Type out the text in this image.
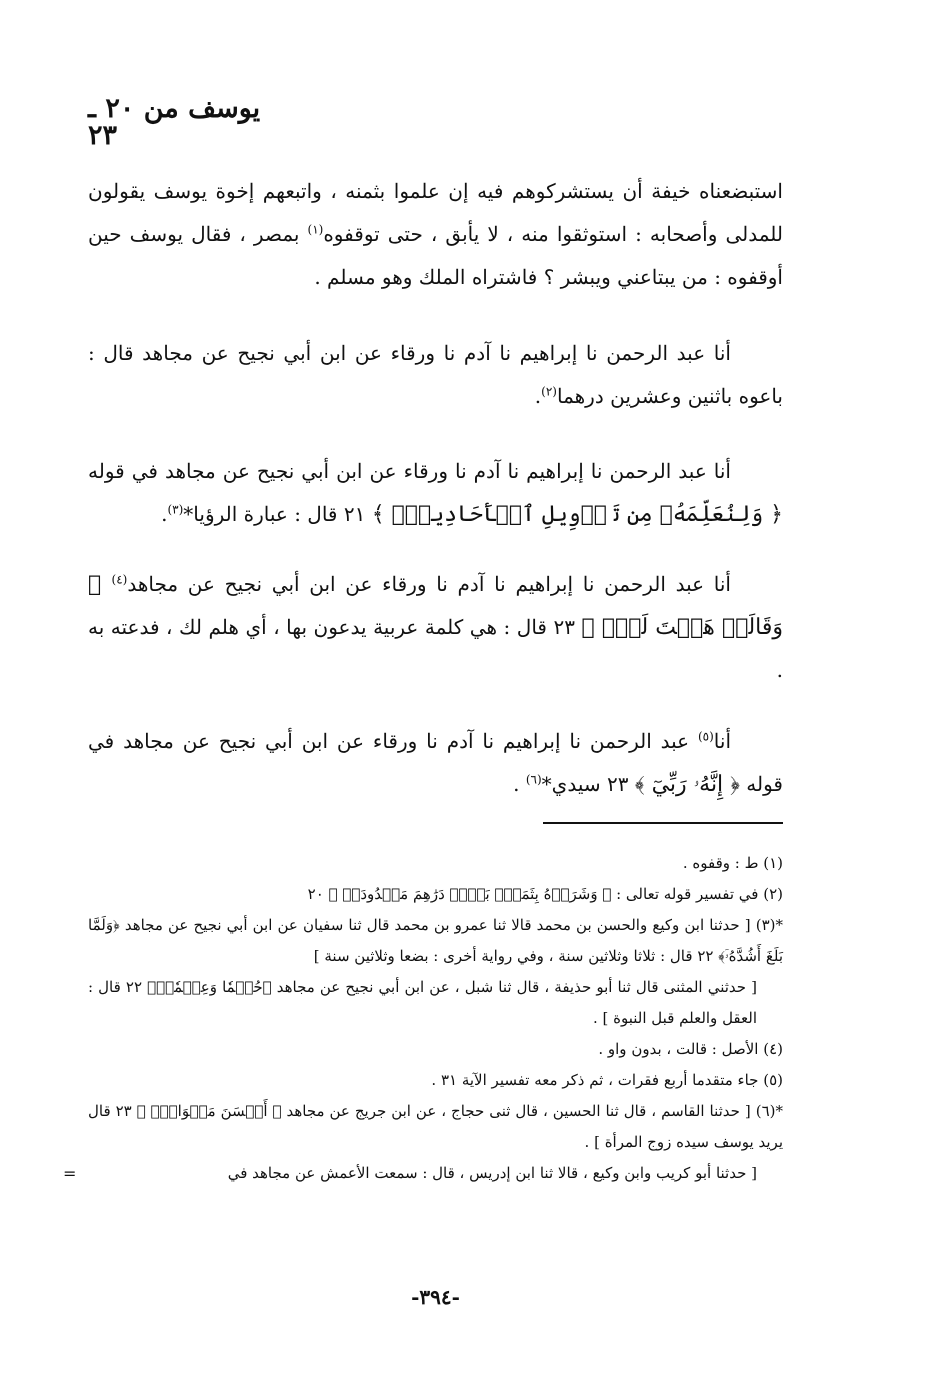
يوسف من ٢٠ ـ ٢٣

استبضعناه خيفة أن يستشركوهم فيه إن علموا بثمنه ، واتبعهم إخوة يوسف يقولون للمدلى وأصحابه : استوثقوا منه ، لا يأبق ، حتى توقفوه$^{(١)}$ بمصر ، فقال يوسف حين أوقفوه : من يبتاعني ويبشر ؟ فاشتراه الملك وهو مسلم .

أنا عبد الرحمن نا إبراهيم نا آدم نا ورقاء عن ابن أبي نجيح عن مجاهد قال : باعوه باثنين وعشرين درهما$^{(٢)}$.

أنا عبد الرحمن نا إبراهيم نا آدم نا ورقاء عن ابن أبي نجيح عن مجاهد في قوله ﴿ وَلِنُعَلِّمَهُۥ مِن تَأۡوِيلِ ٱلۡأَحَادِيثِۚ ﴾ ٢١ قال : عبارة الرؤيا*$^{(٣)}$.

أنا عبد الرحمن نا إبراهيم نا آدم نا ورقاء عن ابن أبي نجيح عن مجاهد$^{(٤)}$ ﴿ وَقَالَتۡ هَيۡتَ لَكَۚ ﴾ ٢٣ قال : هي كلمة عربية يدعون بها ، أي هلم لك ، فدعته به .

أنا$^{(٥)}$ عبد الرحمن نا إبراهيم نا آدم نا ورقاء عن ابن أبي نجيح عن مجاهد في قوله ﴿ إِنَّهُۥ رَبِّيٓ ﴾ ٢٣ سيدي*$^{(٦)}$ .

(١) ط : وقفوه .

(٢) في تفسير قوله تعالى : ﴿ وَشَرَوۡهُ بِثَمَنِۭ بَخۡسٖ دَرَٰهِمَ مَعۡدُودَةٖ ﴾ ٢٠

*(٣) [ حدثنا ابن وكيع والحسن بن محمد قالا ثنا عمرو بن محمد قال ثنا سفيان عن ابن أبي نجيح عن مجاهد ﴿وَلَمَّا بَلَغَ أَشُدَّهُۥٓ﴾ ٢٢ قال : ثلاثا وثلاثين سنة ، وفي رواية أخرى : بضعا وثلاثين سنة ]

[ حدثني المثنى قال ثنا أبو حذيفة ، قال ثنا شبل ، عن ابن أبي نجيح عن مجاهد ﴿حُكۡمٗا وَعِلۡمٗاۚ﴾ ٢٢ قال : العقل والعلم قبل النبوة ] .

(٤) الأصل : قالت ، بدون واو .

(٥) جاء متقدما أربع فقرات ، ثم ذكر معه تفسير الآية ٣١ .

*(٦) [ حدثنا القاسم ، قال ثنا الحسين ، قال ثنى حجاج ، عن ابن جريج عن مجاهد ﴿ أَحۡسَنَ مَثۡوَايَۖ ﴾ ٢٣ قال يريد يوسف سيده زوج المرأة ] .

[ حدثنا أبو كريب وابن وكيع ، قالا ثنا ابن إدريس ، قال : سمعت الأعمش عن مجاهد في
=

-٣٩٤-
